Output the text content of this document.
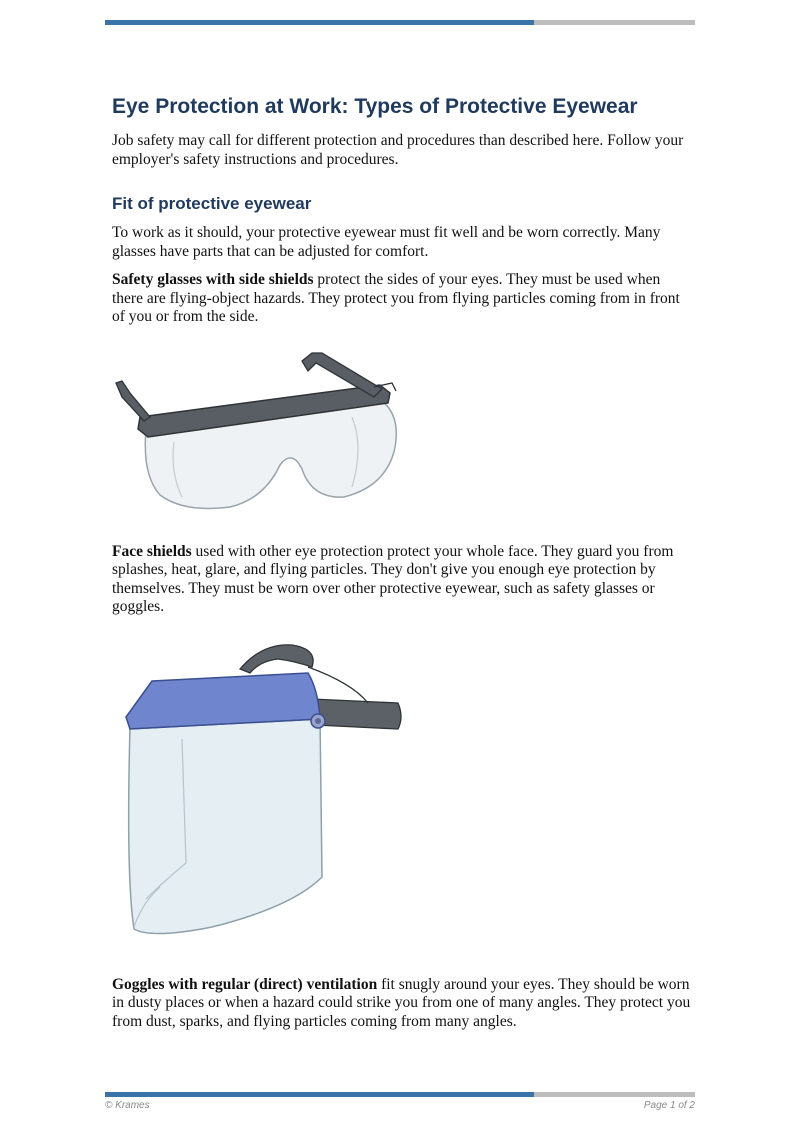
Eye Protection at Work: Types of Protective Eyewear

Job safety may call for different protection and procedures than described here. Follow your employer's safety instructions and procedures.

Fit of protective eyewear

To work as it should, your protective eyewear must fit well and be worn correctly. Many glasses have parts that can be adjusted for comfort.

Safety glasses with side shields protect the sides of your eyes. They must be used when there are flying-object hazards. They protect you from flying particles coming from in front of you or from the side.

Face shields used with other eye protection protect your whole face. They guard you from splashes, heat, glare, and flying particles. They don't give you enough eye protection by themselves. They must be worn over other protective eyewear, such as safety glasses or goggles.

Goggles with regular (direct) ventilation fit snugly around your eyes. They should be worn in dusty places or when a hazard could strike you from one of many angles. They protect you from dust, sparks, and flying particles coming from many angles.

© Krames	Page 1 of 2
